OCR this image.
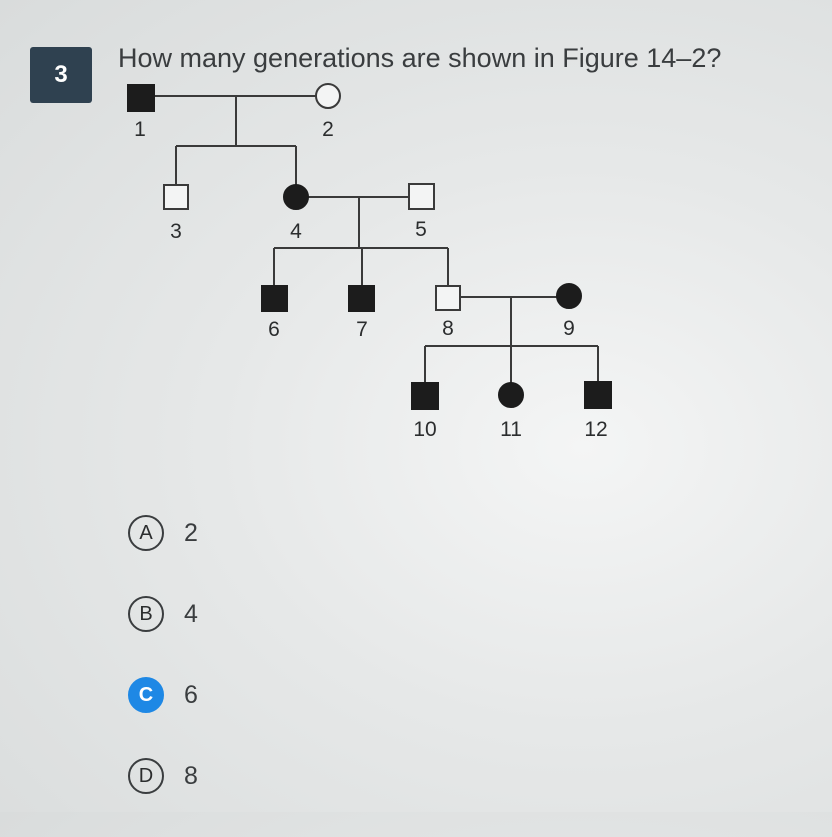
3
How many generations are shown in Figure 14–2?
1	2
3	4	5
6	7	8	9
10	11	12
A	2
B	4
C	6
D	8
